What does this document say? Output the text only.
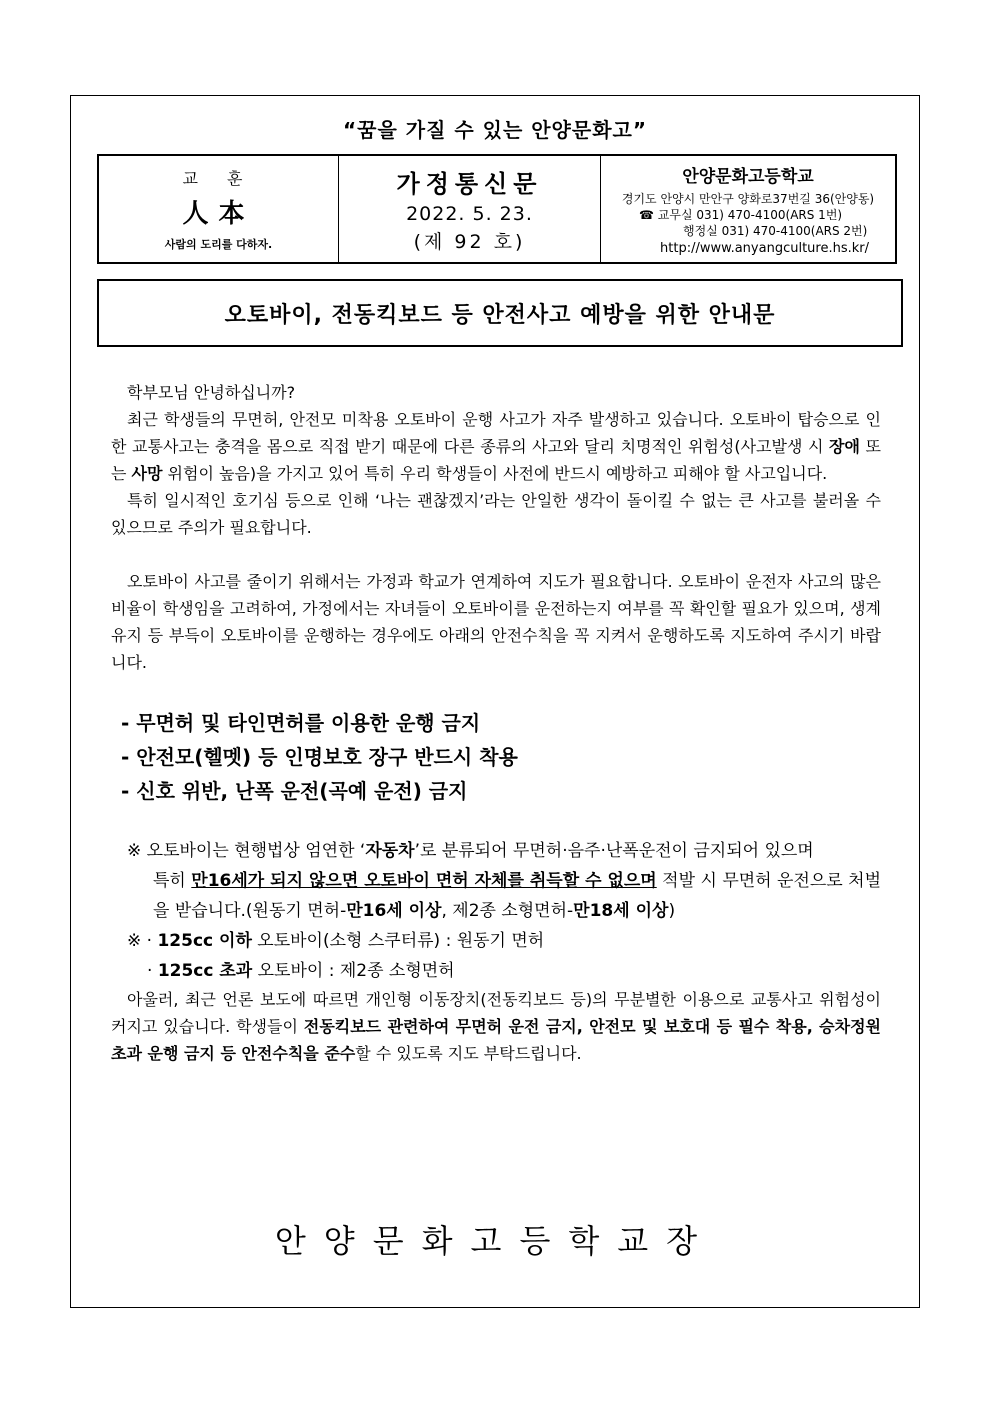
“꿈을 가질 수 있는 안양문화고”
교 훈
人本
사람의 도리를 다하자.
가정통신문
2022. 5. 23.
(제 92 호)
안양문화고등학교
경기도 안양시 만안구 양화로37번길 36(안양동)
☎ 교무실 031) 470-4100(ARS 1번)
행정실 031) 470-4100(ARS 2번)
http://www.anyangculture.hs.kr/
오토바이, 전동킥보드 등 안전사고 예방을 위한 안내문

학부모님 안녕하십니까?

최근 학생들의 무면허, 안전모 미착용 오토바이 운행 사고가 자주 발생하고 있습니다. 오토바이 탑승으로 인한 교통사고는 충격을 몸으로 직접 받기 때문에 다른 종류의 사고와 달리 치명적인 위험성(사고발생 시 장애 또는 사망 위험이 높음)을 가지고 있어 특히 우리 학생들이 사전에 반드시 예방하고 피해야 할 사고입니다.

특히 일시적인 호기심 등으로 인해 ‘나는 괜찮겠지’라는 안일한 생각이 돌이킬 수 없는 큰 사고를 불러올 수 있으므로 주의가 필요합니다.

오토바이 사고를 줄이기 위해서는 가정과 학교가 연계하여 지도가 필요합니다. 오토바이 운전자 사고의 많은 비율이 학생임을 고려하여, 가정에서는 자녀들이 오토바이를 운전하는지 여부를 꼭 확인할 필요가 있으며, 생계유지 등 부득이 오토바이를 운행하는 경우에도 아래의 안전수칙을 꼭 지켜서 운행하도록 지도하여 주시기 바랍니다.

- 무면허 및 타인면허를 이용한 운행 금지
- 안전모(헬멧) 등 인명보호 장구 반드시 착용
- 신호 위반, 난폭 운전(곡예 운전) 금지
※ 오토바이는 현행법상 엄연한 ‘자동차’로 분류되어 무면허·음주·난폭운전이 금지되어 있으며
특히 만16세가 되지 않으면 오토바이 면허 자체를 취득할 수 없으며 적발 시 무면허 운전으로 처벌을 받습니다.(원동기 면허-만16세 이상, 제2종 소형면허-만18세 이상)
※ · 125cc 이하 오토바이(소형 스쿠터류) : 원동기 면허
· 125cc 초과 오토바이 : 제2종 소형면허

아울러, 최근 언론 보도에 따르면 개인형 이동장치(전동킥보드 등)의 무분별한 이용으로 교통사고 위험성이 커지고 있습니다. 학생들이 전동킥보드 관련하여 무면허 운전 금지, 안전모 및 보호대 등 필수 착용, 승차정원 초과 운행 금지 등 안전수칙을 준수할 수 있도록 지도 부탁드립니다.

안양문화고등학교장
